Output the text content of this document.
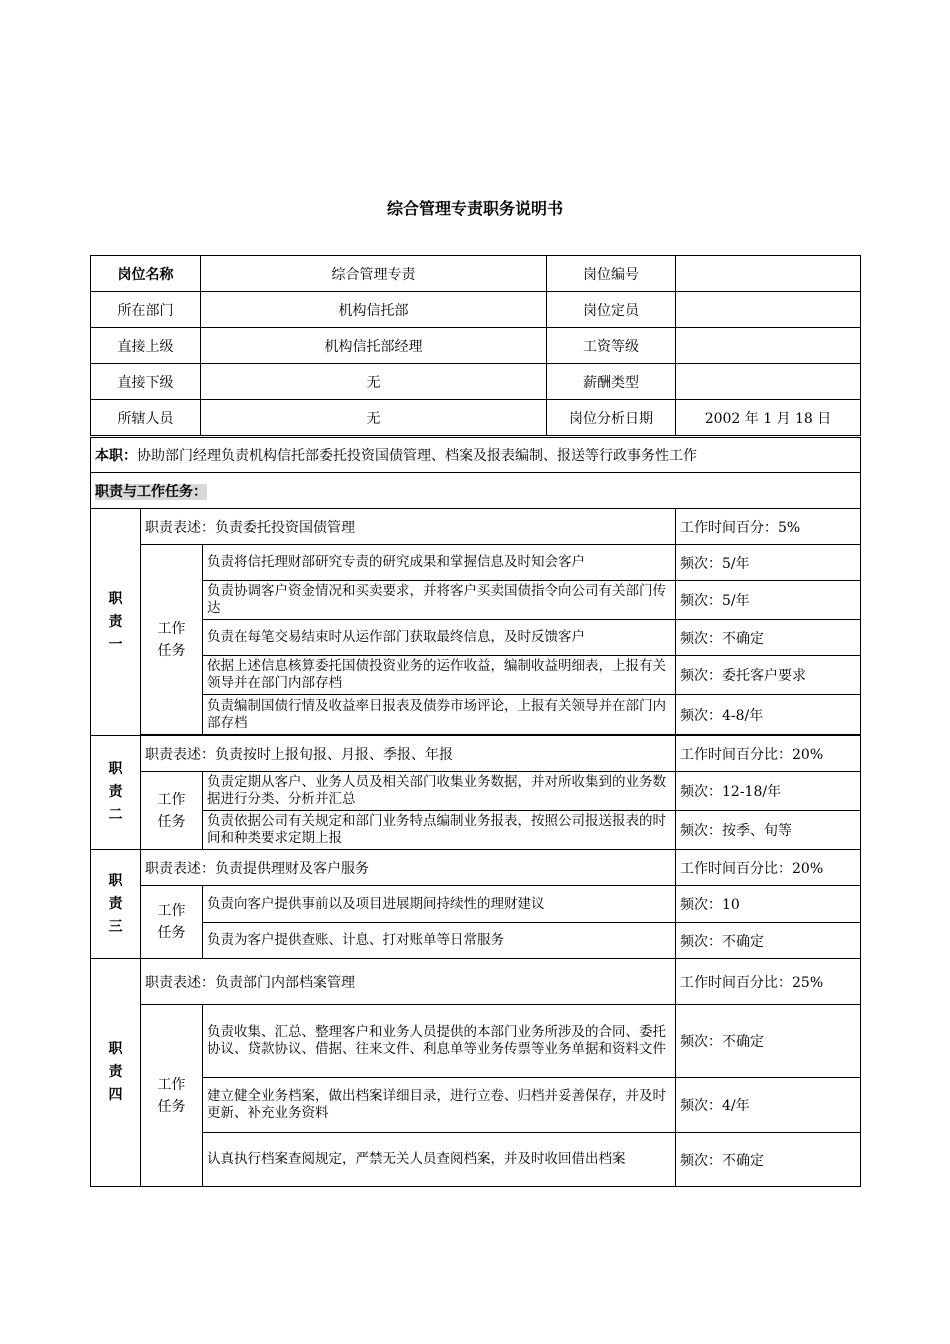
综合管理专责职务说明书
岗位名称	综合管理专责	岗位编号	
所在部门	机构信托部	岗位定员	
直接上级	机构信托部经理	工资等级	
直接下级	无	薪酬类型	
所辖人员	无	岗位分析日期	2002 年 1 月 18 日
本职：协助部门经理负责机构信托部委托投资国债管理、档案及报表编制、报送等行政事务性工作
职责与工作任务：
职
责
一	职责表述：负责委托投资国债管理		工作时间百分：5%

	工作
任务	负责将信托理财部研究专责的研究成果和掌握信息及时知会客户	频次：5/年
		负责协调客户资金情况和买卖要求，并将客户买卖国债指令向公司有关部门传达	频次：5/年
		负责在每笔交易结束时从运作部门获取最终信息，及时反馈客户	频次：不确定
		依据上述信息核算委托国债投资业务的运作收益，编制收益明细表，上报有关领导并在部门内部存档	频次：委托客户要求
		负责编制国债行情及收益率日报表及债券市场评论，上报有关领导并在部门内部存档	频次：4-8/年

职
责
二	职责表述：负责按时上报旬报、月报、季报、年报		工作时间百分比：20%

	工作
任务	负责定期从客户、业务人员及相关部门收集业务数据，并对所收集到的业务数据进行分类、分析并汇总	频次：12-18/年
		负责依据公司有关规定和部门业务特点编制业务报表，按照公司报送报表的时间和种类要求定期上报	频次：按季、旬等

职
责
三	职责表述：负责提供理财及客户服务		工作时间百分比：20%

	工作
任务	负责向客户提供事前以及项目进展期间持续性的理财建议	频次：10
		负责为客户提供查账、计息、打对账单等日常服务	频次：不确定

职
责
四	职责表述：负责部门内部档案管理		工作时间百分比：25%

	工作
任务	负责收集、汇总、整理客户和业务人员提供的本部门业务所涉及的合同、委托协议、贷款协议、借据、往来文件、利息单等业务传票等业务单据和资料文件	频次：不确定
		建立健全业务档案，做出档案详细目录，进行立卷、归档并妥善保存，并及时更新、补充业务资料	频次：4/年
		认真执行档案查阅规定，严禁无关人员查阅档案，并及时收回借出档案	频次：不确定
